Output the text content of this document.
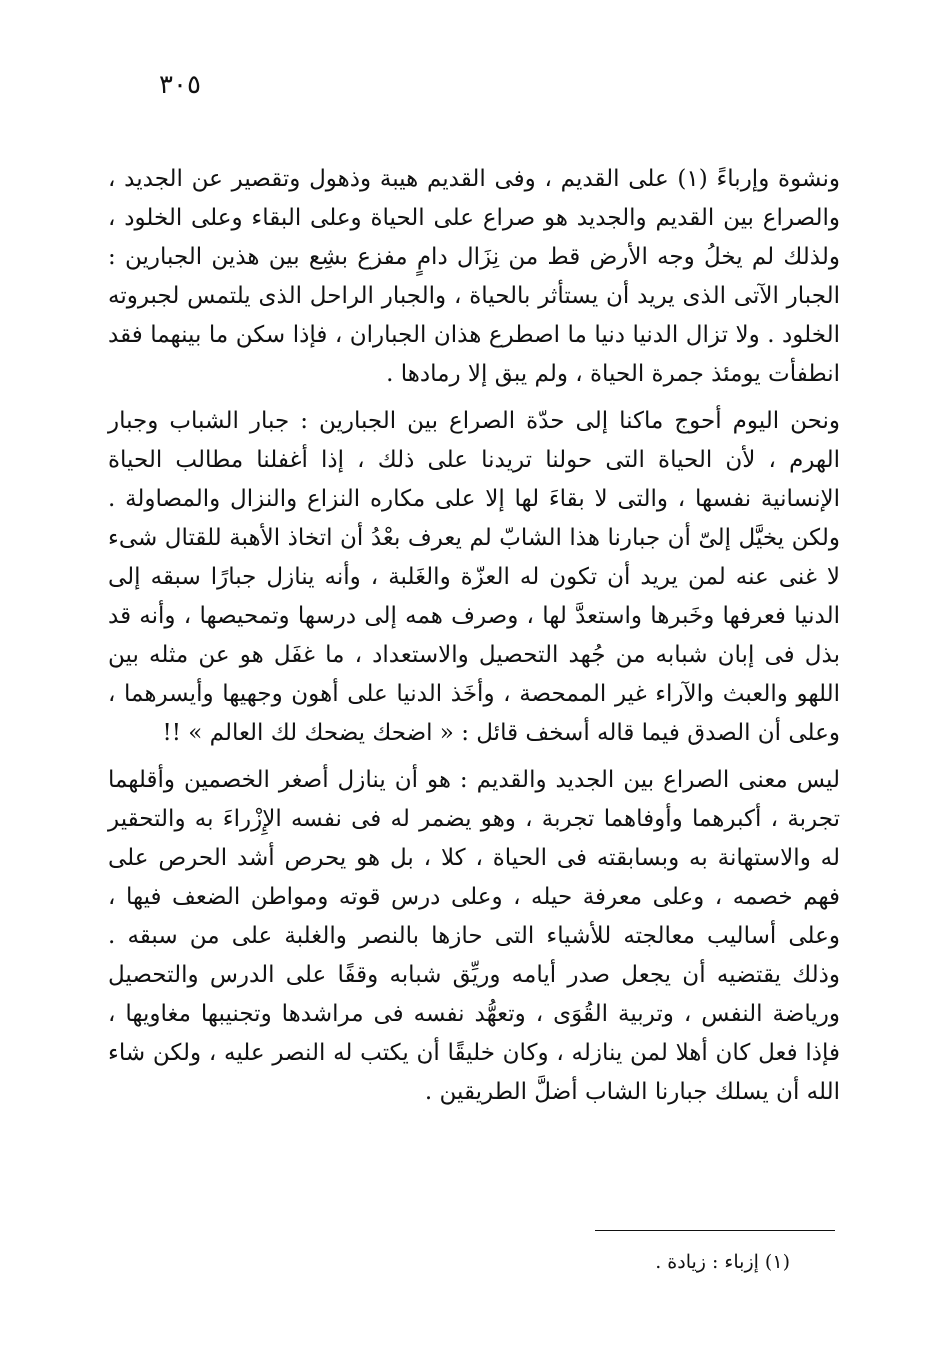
٣٠٥

ونشوة وإرباءً (١) على القديم ، وفى القديم هيبة وذهول وتقصير عن الجديد ، والصراع بين القديم والجديد هو صراع على الحياة وعلى البقاء وعلى الخلود ، ولذلك لم يخلُ وجه الأرض قط من نِزَال دامٍ مفزع بشِع بين هذين الجبارين : الجبار الآتى الذى يريد أن يستأثر بالحياة ، والجبار الراحل الذى يلتمس لجبروته الخلود . ولا تزال الدنيا دنيا ما اصطرع هذان الجباران ، فإذا سكن ما بينهما فقد انطفأت يومئذ جمرة الحياة ، ولم يبق إلا رمادها .

ونحن اليوم أحوج ماكنا إلى حدّة الصراع بين الجبارين : جبار الشباب وجبار الهرم ، لأن الحياة التى حولنا تريدنا على ذلك ، إذا أغفلنا مطالب الحياة الإنسانية نفسها ، والتى لا بقاءَ لها إلا على مكاره النزاع والنزال والمصاولة . ولكن يخيَّل إلىّ أن جبارنا هذا الشابّ لم يعرف بعْدُ أن اتخاذ الأهبة للقتال شىء لا غنى عنه لمن يريد أن تكون له العزّة والغَلبة ، وأنه ينازل جبارًا سبقه إلى الدنيا فعرفها وخَبرها واستعدَّ لها ، وصرف همه إلى درسها وتمحيصها ، وأنه قد بذل فى إبان شبابه من جُهد التحصيل والاستعداد ، ما غفَل هو عن مثله بين اللهو والعبث والآراء غير الممحصة ، وأخَذ الدنيا على أهون وجهيها وأيسرهما ، وعلى أن الصدق فيما قاله أسخف قائل : « اضحك يضحك لك العالم » !!

ليس معنى الصراع بين الجديد والقديم : هو أن ينازل أصغر الخصمين وأقلهما تجربة ، أكبرهما وأوفاهما تجربة ، وهو يضمر له فى نفسه الإِزْراءَ به والتحقير له والاستهانة به وبسابقته فى الحياة ، كلا ، بل هو يحرص أشد الحرص على فهم خصمه ، وعلى معرفة حيله ، وعلى درس قوته ومواطن الضعف فيها ، وعلى أساليب معالجته للأشياء التى حازها بالنصر والغلبة على من سبقه . وذلك يقتضيه أن يجعل صدر أيامه وريِّق شبابه وقفًا على الدرس والتحصيل ورياضة النفس ، وتربية القُوَى ، وتعهُّد نفسه فى مراشدها وتجنيبها مغاويها ، فإذا فعل كان أهلا لمن ينازله ، وكان خليقًا أن يكتب له النصر عليه ، ولكن شاء الله أن يسلك جبارنا الشاب أضلَّ الطريقين .

(١) إزباء : زيادة .
